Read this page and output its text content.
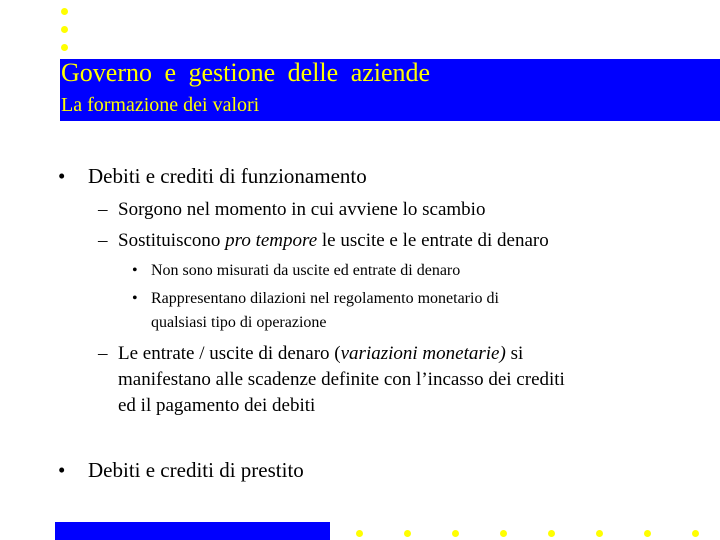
Governo e gestione delle aziende
La formazione dei valori
• Debiti e crediti di funzionamento
– Sorgono nel momento in cui avviene lo scambio
– Sostituiscono pro tempore le uscite e le entrate di denaro
• Non sono misurati da uscite ed entrate di denaro
• Rappresentano dilazioni nel regolamento monetario di
qualsiasi tipo di operazione
– Le entrate / uscite di denaro (variazioni monetarie) si
manifestano alle scadenze definite con l’incasso dei crediti
ed il pagamento dei debiti
• Debiti e crediti di prestito
